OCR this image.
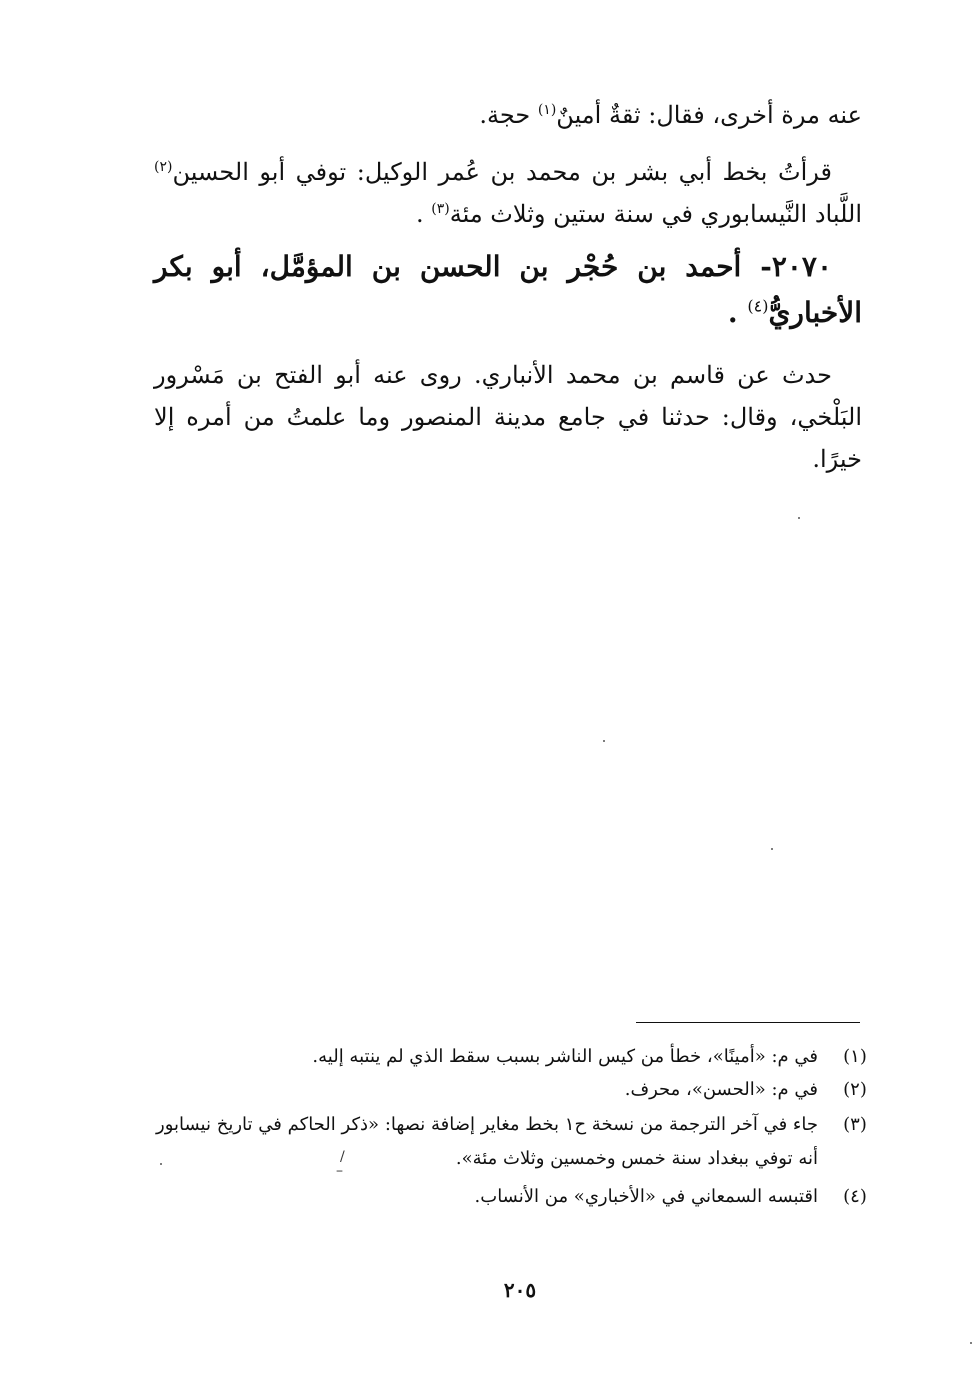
عنه مرة أخرى، فقال: ثقةٌ أمينٌ$^{(١)}$ حجة.
قرأتُ بخط أبي بشر بن محمد بن عُمر الوكيل: توفي أبو الحسين$^{(٢)}$ اللَّباد النَّيسابوري في سنة ستين وثلاث مئة$^{(٣)}$ .
٢٠٧٠- أحمد بن حُجْر بن الحسن بن المؤمَّل، أبو بكر الأخباريُّ$^{(٤)}$ .
حدث عن قاسم بن محمد الأنباري. روى عنه أبو الفتح بن مَسْرور البَلْخي، وقال: حدثنا في جامع مدينة المنصور وما علمتُ من أمره إلا خيرًا.
(١)
في م: «أمينًا»، خطأ من كيس الناشر بسبب سقط الذي لم ينتبه إليه.
(٢)
في م: «الحسن»، محرف.
(٣)
جاء في آخر الترجمة من نسخة ح١ بخط مغاير إضافة نصها: «ذكر الحاكم في تاريخ نيسابور أنه توفي ببغداد سنة خمس وخمسين وثلاث مئة».
(٤)
اقتبسه السمعاني في «الأخباري» من الأنساب.
٢٠٥
/
–
